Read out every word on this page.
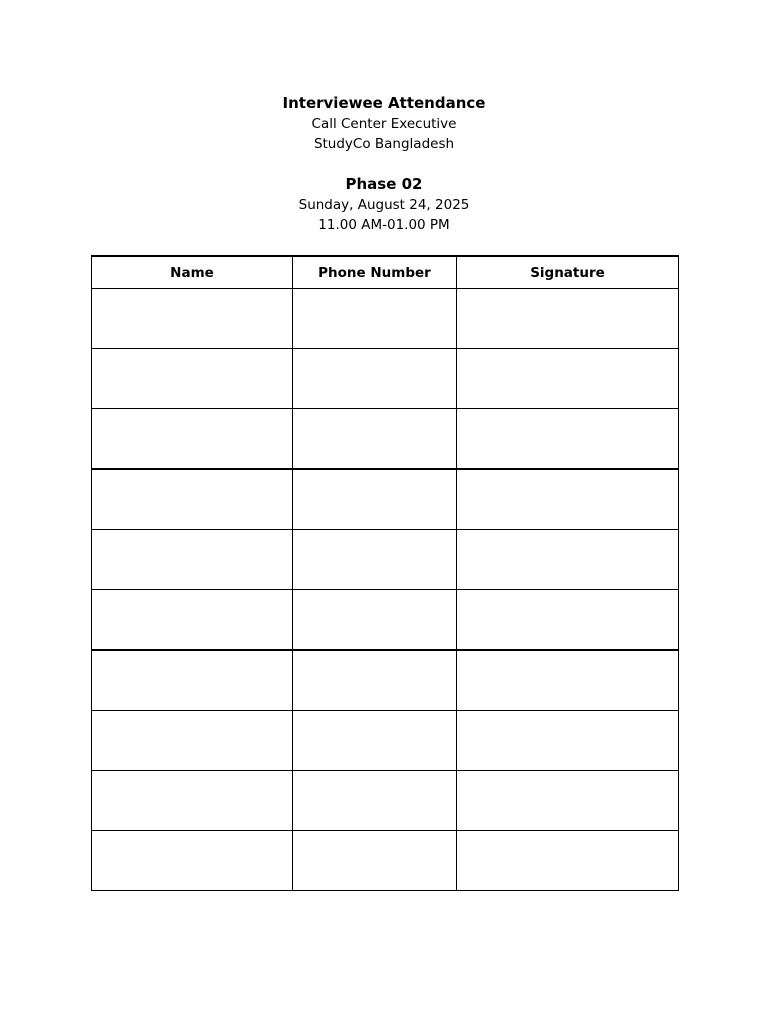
Interviewee Attendance

Call Center Executive

StudyCo Bangladesh

Phase 02

Sunday, August 24, 2025

11.00 AM-01.00 PM

Name	Phone Number	Signature
